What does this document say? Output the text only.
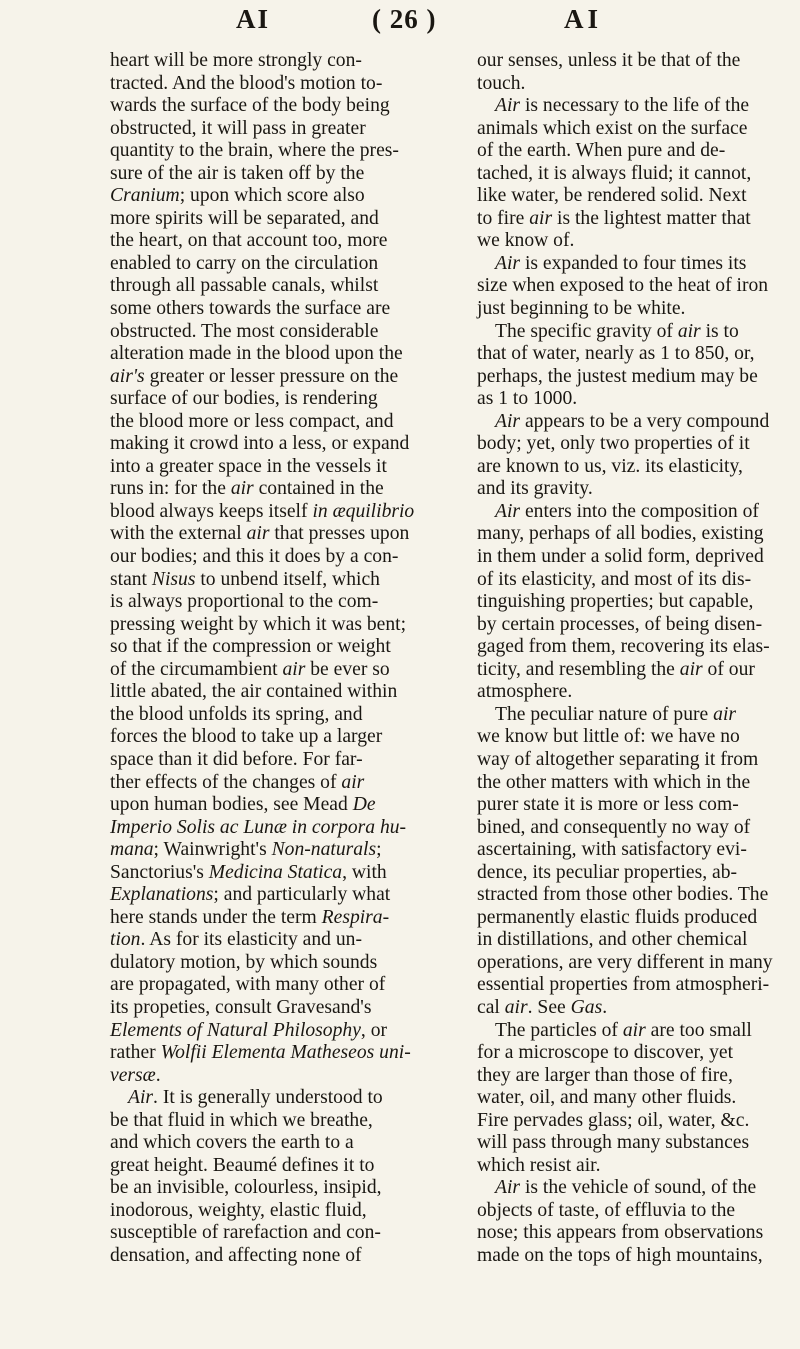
AI	( 26 )	AI
heart will be more strongly con-
tracted. And the blood's motion to-
wards the surface of the body being
obstructed, it will pass in greater
quantity to the brain, where the pres-
sure of the air is taken off by the
Cranium; upon which score also
more spirits will be separated, and
the heart, on that account too, more
enabled to carry on the circulation
through all passable canals, whilst
some others towards the surface are
obstructed. The most considerable
alteration made in the blood upon the
air's greater or lesser pressure on the
surface of our bodies, is rendering
the blood more or less compact, and
making it crowd into a less, or expand
into a greater space in the vessels it
runs in: for the air contained in the
blood always keeps itself in æquilibrio
with the external air that presses upon
our bodies; and this it does by a con-
stant Nisus to unbend itself, which
is always proportional to the com-
pressing weight by which it was bent;
so that if the compression or weight
of the circumambient air be ever so
little abated, the air contained within
the blood unfolds its spring, and
forces the blood to take up a larger
space than it did before. For far-
ther effects of the changes of air
upon human bodies, see Mead De
Imperio Solis ac Lunæ in corpora hu-
mana; Wainwright's Non-naturals;
Sanctorius's Medicina Statica, with
Explanations; and particularly what
here stands under the term Respira-
tion. As for its elasticity and un-
dulatory motion, by which sounds
are propagated, with many other of
its propeties, consult Gravesand's
Elements of Natural Philosophy, or
rather Wolfii Elementa Matheseos uni-
versæ.
Air. It is generally understood to
be that fluid in which we breathe,
and which covers the earth to a
great height. Beaumé defines it to
be an invisible, colourless, insipid,
inodorous, weighty, elastic fluid,
susceptible of rarefaction and con-
densation, and affecting none of
our senses, unless it be that of the
touch.
Air is necessary to the life of the
animals which exist on the surface
of the earth. When pure and de-
tached, it is always fluid; it cannot,
like water, be rendered solid. Next
to fire air is the lightest matter that
we know of.
Air is expanded to four times its
size when exposed to the heat of iron
just beginning to be white.
The specific gravity of air is to
that of water, nearly as 1 to 850, or,
perhaps, the justest medium may be
as 1 to 1000.
Air appears to be a very compound
body; yet, only two properties of it
are known to us, viz. its elasticity,
and its gravity.
Air enters into the composition of
many, perhaps of all bodies, existing
in them under a solid form, deprived
of its elasticity, and most of its dis-
tinguishing properties; but capable,
by certain processes, of being disen-
gaged from them, recovering its elas-
ticity, and resembling the air of our
atmosphere.
The peculiar nature of pure air
we know but little of: we have no
way of altogether separating it from
the other matters with which in the
purer state it is more or less com-
bined, and consequently no way of
ascertaining, with satisfactory evi-
dence, its peculiar properties, ab-
stracted from those other bodies. The
permanently elastic fluids produced
in distillations, and other chemical
operations, are very different in many
essential properties from atmospheri-
cal air. See Gas.
The particles of air are too small
for a microscope to discover, yet
they are larger than those of fire,
water, oil, and many other fluids.
Fire pervades glass; oil, water, &c.
will pass through many substances
which resist air.
Air is the vehicle of sound, of the
objects of taste, of effluvia to the
nose; this appears from observations
made on the tops of high mountains,
